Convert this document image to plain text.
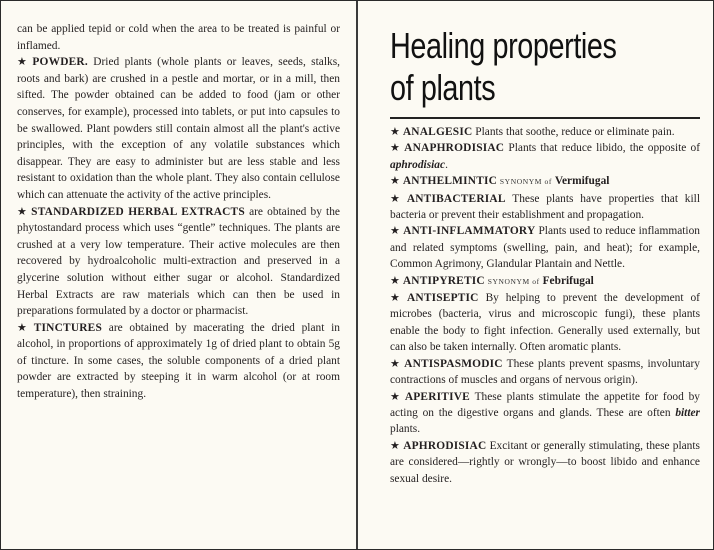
can be applied tepid or cold when the area to be treated is painful or inflamed.

★ POWDER. Dried plants (whole plants or leaves, seeds, stalks, roots and bark) are crushed in a pestle and mortar, or in a mill, then sifted. The powder obtained can be added to food (jam or other conserves, for example), processed into tablets, or put into capsules to be swallowed. Plant powders still contain almost all the plant's active principles, with the exception of any volatile substances which disappear. They are easy to administer but are less stable and less resistant to oxidation than the whole plant. They also contain cellulose which can attenuate the activity of the active principles.

★ STANDARDIZED HERBAL EXTRACTS are obtained by the phytostandard process which uses “gentle” techniques. The plants are crushed at a very low temperature. Their active molecules are then recovered by hydroalcoholic multi-extraction and preserved in a glycerine solution without either sugar or alcohol. Standardized Herbal Extracts are raw materials which can then be used in preparations formulated by a doctor or pharmacist.

★ TINCTURES are obtained by macerating the dried plant in alcohol, in proportions of approximately 1g of dried plant to obtain 5g of tincture. In some cases, the soluble components of a dried plant powder are extracted by steeping it in warm alcohol (or at room temperature), then straining.

Healing properties of plants

★ ANALGESIC Plants that soothe, reduce or eliminate pain.

★ ANAPHRODISIAC Plants that reduce libido, the opposite of aphrodisiac.

★ ANTHELMINTIC SYNONYM of Vermifugal

★ ANTIBACTERIAL These plants have properties that kill bacteria or prevent their establishment and propagation.

★ ANTI-INFLAMMATORY Plants used to reduce inflammation and related symptoms (swelling, pain, and heat); for example, Common Agrimony, Glandular Plantain and Nettle.

★ ANTIPYRETIC SYNONYM of Febrifugal

★ ANTISEPTIC By helping to prevent the development of microbes (bacteria, virus and microscopic fungi), these plants enable the body to fight infection. Generally used externally, but can also be taken internally. Often aromatic plants.

★ ANTISPASMODIC These plants prevent spasms, involuntary contractions of muscles and organs of nervous origin).

★ APERITIVE These plants stimulate the appetite for food by acting on the digestive organs and glands. These are often bitter plants.

★ APHRODISIAC Excitant or generally stimulating, these plants are considered—rightly or wrongly—to boost libido and enhance sexual desire.
